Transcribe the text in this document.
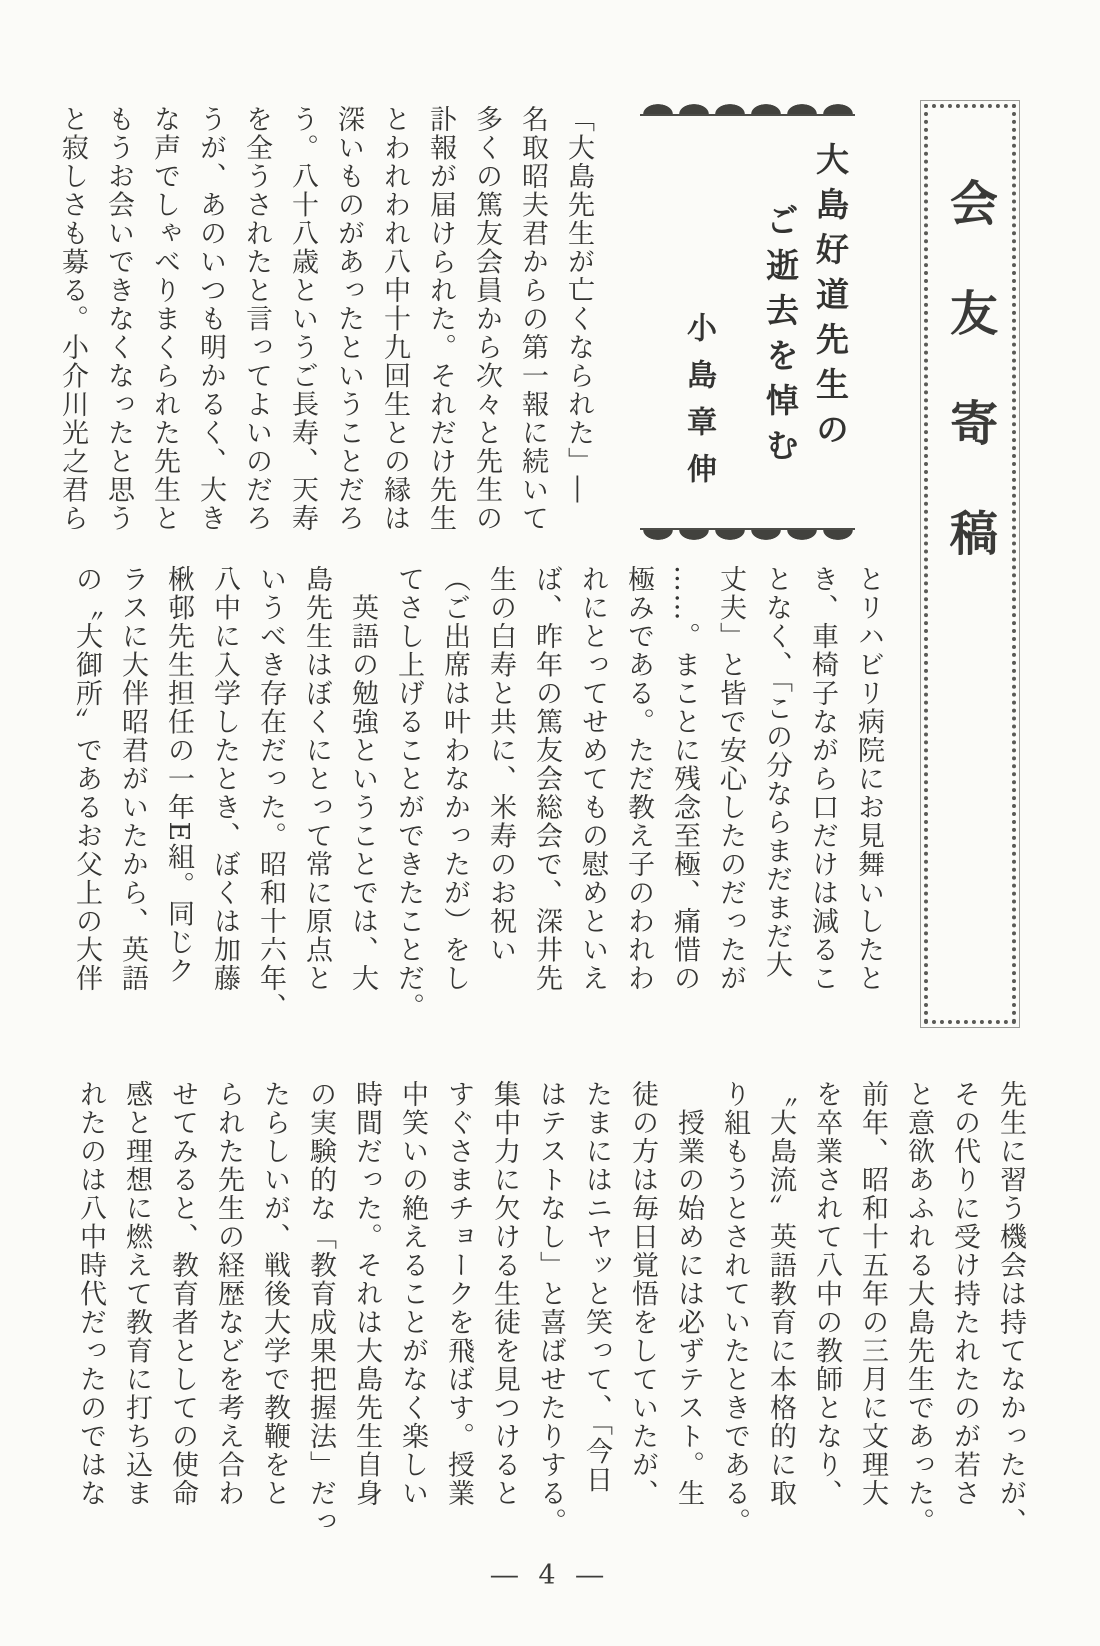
会友寄稿
大島好道先生の
ご逝去を悼む
小島章伸
「大島先生が亡くなられた」―
名取昭夫君からの第一報に続いて
多くの篤友会員から次々と先生の
訃報が届けられた。それだけ先生
とわれわれ八中十九回生との縁は
深いものがあったということだろ
う。八十八歳というご長寿、天寿
を全うされたと言ってよいのだろ
うが、あのいつも明かるく、大き
な声でしゃべりまくられた先生と
もうお会いできなくなったと思う
と寂しさも募る。小介川光之君ら
とリハビリ病院にお見舞いしたと
き、車椅子ながら口だけは減るこ
となく、「この分ならまだまだ大
丈夫」と皆で安心したのだったが
……。まことに残念至極、痛惜の
極みである。ただ教え子のわれわ
れにとってせめてもの慰めといえ
ば、昨年の篤友会総会で、深井先
生の白寿と共に、米寿のお祝い
（ご出席は叶わなかったが）をし
てさし上げることができたことだ。
　英語の勉強ということでは、大
島先生はぼくにとって常に原点と
いうべき存在だった。昭和十六年、
八中に入学したとき、ぼくは加藤
楸邨先生担任の一年E組。同じク
ラスに大伴昭君がいたから、英語
の〝大御所〟であるお父上の大伴
先生に習う機会は持てなかったが、
その代りに受け持たれたのが若さ
と意欲あふれる大島先生であった。
前年、昭和十五年の三月に文理大
を卒業されて八中の教師となり、
〝大島流〟英語教育に本格的に取
り組もうとされていたときである。
　授業の始めには必ずテスト。生
徒の方は毎日覚悟をしていたが、
たまにはニヤッと笑って、「今日
はテストなし」と喜ばせたりする。
集中力に欠ける生徒を見つけると
すぐさまチョークを飛ばす。授業
中笑いの絶えることがなく楽しい
時間だった。それは大島先生自身
の実験的な「教育成果把握法」だっ
たらしいが、戦後大学で教鞭をと
られた先生の経歴などを考え合わ
せてみると、教育者としての使命
感と理想に燃えて教育に打ち込ま
れたのは八中時代だったのではな
― 4 ―
